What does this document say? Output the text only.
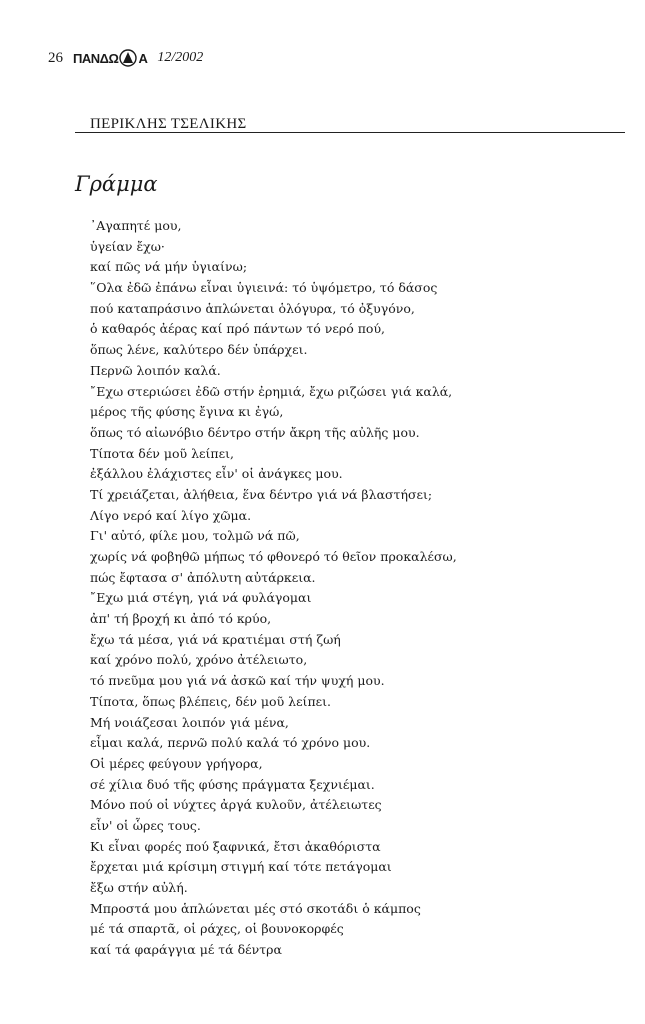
26 ΠΑΝΔΩ Α 12/2002
ΠΕΡΙΚΛΗΣ ΤΣΕΛΙΚΗΣ
Γράμμα
᾿Αγαπητέ μου,
ὑγείαν ἔχω·
καί πῶς νά μήν ὑγιαίνω;
῞Ολα ἐδῶ ἐπάνω εἶναι ὑγιεινά: τό ὑψόμετρο, τό δάσος
πού καταπράσινο ἁπλώνεται ὁλόγυρα, τό ὀξυγόνο,
ὁ καθαρός ἀέρας καί πρό πάντων τό νερό πού,
ὅπως λένε, καλύτερο δέν ὑπάρχει.
Περνῶ λοιπόν καλά.
῎Εχω στεριώσει ἐδῶ στήν ἐρημιά, ἔχω ριζώσει γιά καλά,
μέρος τῆς φύσης ἔγινα κι ἐγώ,
ὅπως τό αἰωνόβιο δέντρο στήν ἄκρη τῆς αὐλῆς μου.
Τίποτα δέν μοῦ λείπει,
ἐξάλλου ἐλάχιστες εἶν' οἱ ἀνάγκες μου.
Τί χρειάζεται, ἀλήθεια, ἕνα δέντρο γιά νά βλαστήσει;
Λίγο νερό καί λίγο χῶμα.
Γι' αὐτό, φίλε μου, τολμῶ νά πῶ,
χωρίς νά φοβηθῶ μήπως τό φθονερό τό θεῖον προκαλέσω,
πώς ἔφτασα σ' ἀπόλυτη αὐτάρκεια.
῎Εχω μιά στέγη, γιά νά φυλάγομαι
ἀπ' τή βροχή κι ἀπό τό κρύο,
ἔχω τά μέσα, γιά νά κρατιέμαι στή ζωή
καί χρόνο πολύ, χρόνο ἀτέλειωτο,
τό πνεῦμα μου γιά νά ἀσκῶ καί τήν ψυχή μου.
Τίποτα, ὅπως βλέπεις, δέν μοῦ λείπει.
Μή νοιάζεσαι λοιπόν γιά μένα,
εἶμαι καλά, περνῶ πολύ καλά τό χρόνο μου.
Οἱ μέρες φεύγουν γρήγορα,
σέ χίλια δυό τῆς φύσης πράγματα ξεχνιέμαι.
Μόνο πού οἱ νύχτες ἀργά κυλοῦν, ἀτέλειωτες
εἶν' οἱ ὧρες τους.
Κι εἶναι φορές πού ξαφνικά, ἔτσι ἀκαθόριστα
ἔρχεται μιά κρίσιμη στιγμή καί τότε πετάγομαι
ἔξω στήν αὐλή.
Μπροστά μου ἁπλώνεται μές στό σκοτάδι ὁ κάμπος
μέ τά σπαρτᾶ, οἱ ράχες, οἱ βουνοκορφές
καί τά φαράγγια μέ τά δέντρα
